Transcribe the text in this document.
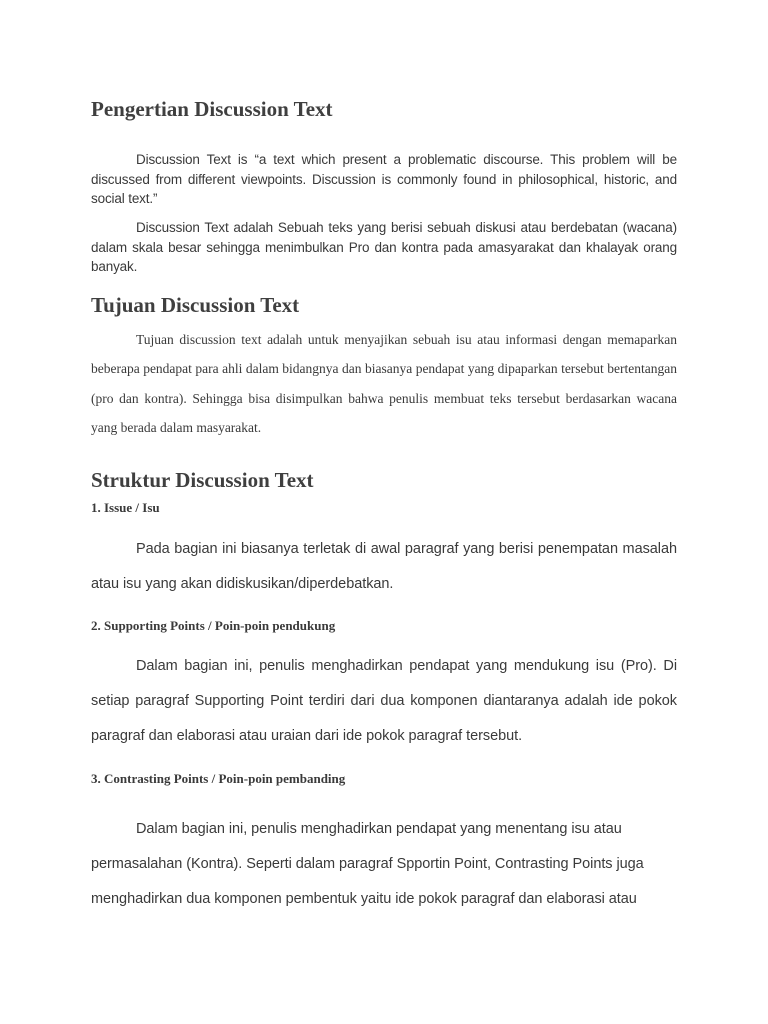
Pengertian Discussion Text

Discussion Text is “a text which present a problematic discourse. This problem will be discussed from different viewpoints. Discussion is commonly found in philosophical, historic, and social text.”

Discussion Text adalah Sebuah teks yang berisi sebuah diskusi atau berdebatan (wacana) dalam skala besar sehingga menimbulkan Pro dan kontra pada amasyarakat dan khalayak orang banyak.

Tujuan Discussion Text

Tujuan discussion text adalah untuk menyajikan sebuah isu atau informasi dengan memaparkan beberapa pendapat para ahli dalam bidangnya dan biasanya pendapat yang dipaparkan tersebut bertentangan (pro dan kontra). Sehingga bisa disimpulkan bahwa penulis membuat teks tersebut berdasarkan wacana yang berada dalam masyarakat.

Struktur Discussion Text
1. Issue / Isu

Pada bagian ini biasanya terletak di awal paragraf yang berisi penempatan masalah atau isu yang akan didiskusikan/diperdebatkan.

2. Supporting Points / Poin-poin pendukung

Dalam bagian ini, penulis menghadirkan pendapat yang mendukung isu (Pro). Di setiap paragraf Supporting Point terdiri dari dua komponen diantaranya adalah ide pokok paragraf dan elaborasi atau uraian dari ide pokok paragraf tersebut.

3. Contrasting Points / Poin-poin pembanding

Dalam bagian ini, penulis menghadirkan pendapat yang menentang isu atau permasalahan (Kontra). Seperti dalam paragraf Spportin Point, Contrasting Points juga menghadirkan dua komponen pembentuk yaitu ide pokok paragraf dan elaborasi atau
